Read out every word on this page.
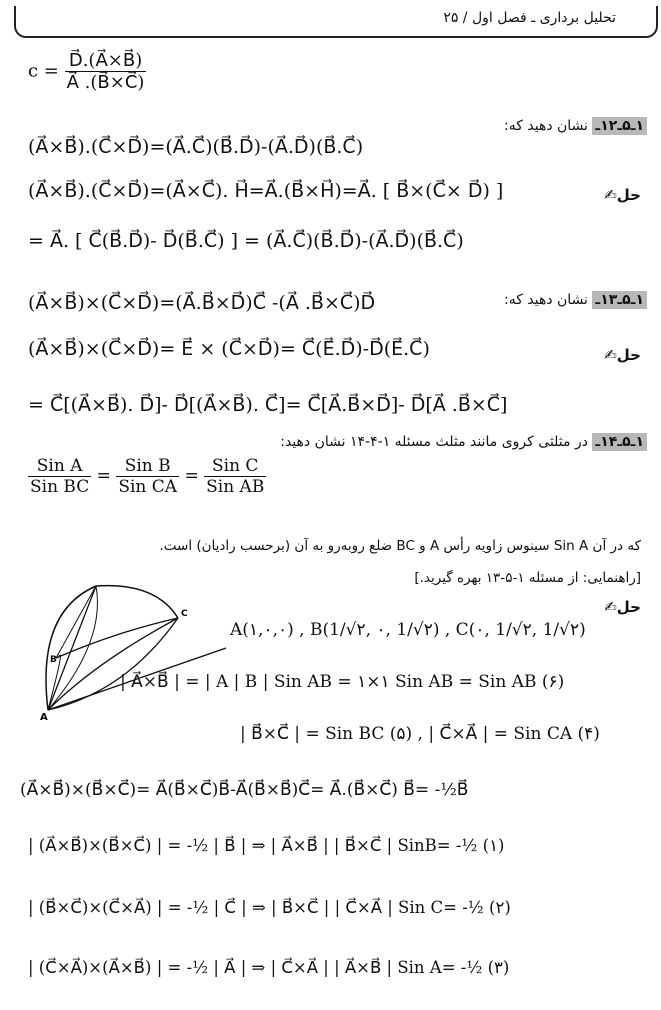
تحلیل برداری ـ فصل اول / ۲۵
$c = \frac{D⃗.(A⃗\times B⃗)}{A⃗ .(B⃗\times C⃗)}$
۱ـ۵ـ۱۲ـ نشان دهید که:
(A⃗×B⃗).(C⃗×D⃗)=(A⃗.C⃗)(B⃗.D⃗)-(A⃗.D⃗)(B⃗.C⃗)
✍حل
(A⃗×B⃗).(C⃗×D⃗)=(A⃗×C⃗). H⃗=A⃗.(B⃗×H⃗)=A⃗. [ B⃗×(C⃗× D⃗) ]
= A⃗. [ C⃗(B⃗.D⃗)- D⃗(B⃗.C⃗) ] = (A⃗.C⃗)(B⃗.D⃗)-(A⃗.D⃗)(B⃗.C⃗)
۱ـ۵ـ۱۳ـ نشان دهید که:
(A⃗×B⃗)×(C⃗×D⃗)=(A⃗.B⃗×D⃗)C⃗ -(A⃗ .B⃗×C⃗)D⃗
✍حل
(A⃗×B⃗)×(C⃗×D⃗)= E⃗ × (C⃗×D⃗)= C⃗(E⃗.D⃗)-D⃗(E⃗.C⃗)
= C⃗[(A⃗×B⃗). D⃗]- D⃗[(A⃗×B⃗). C⃗]= C⃗[A⃗.B⃗×D⃗]- D⃗[A⃗ .B⃗×C⃗]
۱ـ۵ـ۱۴ـ در مثلثی کروی مانند مثلث مسئله ۱-۴-۱۴ نشان دهید:
$\frac{\text{Sin A}}{\text{Sin BC}} = \frac{\text{Sin B}}{\text{Sin CA}} = \frac{\text{Sin C}}{\text{Sin AB}}$
که در آن Sin A سینوس زاویه رأس A و BC ضلع روبه‌رو به آن (برحسب رادیان) است.
[راهنمایی: از مسئله ۱-۵-۱۳ بهره گیرید.]
✍حل
A
B
C
A(۱,۰,۰) , B(1/√۲, ۰, 1/√۲) , C(۰, 1/√۲, 1/√۲)
| A⃗×B⃗ | = | A | B | Sin AB = ۱×۱ Sin AB = Sin AB (۶)
| B⃗×C⃗ | = Sin BC (۵) , | C⃗×A⃗ | = Sin CA (۴)
(A⃗×B⃗)×(B⃗×C⃗)= A⃗(B⃗×C⃗)B⃗-A⃗(B⃗×B⃗)C⃗= A⃗.(B⃗×C⃗) B⃗= -½B⃗
| (A⃗×B⃗)×(B⃗×C⃗) | = -½ | B⃗ | ⇒ | A⃗×B⃗ | | B⃗×C⃗ | SinB= -½ (۱)
| (B⃗×C⃗)×(C⃗×A⃗) | = -½ | C⃗ | ⇒ | B⃗×C⃗ | | C⃗×A⃗ | Sin C= -½ (۲)
| (C⃗×A⃗)×(A⃗×B⃗) | = -½ | A⃗ | ⇒ | C⃗×A⃗ | | A⃗×B⃗ | Sin A= -½ (۳)
